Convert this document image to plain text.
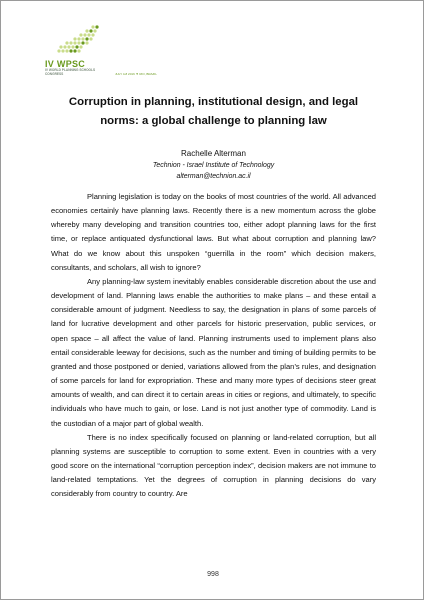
IV WPSC
IV WORLD PLANNING SCHOOLS CONGRESS	JULY 4-8 2016 ▼ RIO, BRAZIL
Corruption in planning, institutional design, and legal norms: a global challenge to planning law
Rachelle Alterman
Technion - Israel Institute of Technology
alterman@technion.ac.il

Planning legislation is today on the books of most countries of the world. All advanced economies certainly have planning laws. Recently there is a new momentum across the globe whereby many developing and transition countries too, either adopt planning laws for the first time, or replace antiquated dysfunctional laws. But what about corruption and planning law? What do we know about this unspoken “guerrilla in the room” which decision makers, consultants, and scholars, all wish to ignore?

Any planning-law system inevitably enables considerable discretion about the use and development of land. Planning laws enable the authorities to make plans – and these entail a considerable amount of judgment. Needless to say, the designation in plans of some parcels of land for lucrative development and other parcels for historic preservation, public services, or open space – all affect the value of land. Planning instruments used to implement plans also entail considerable leeway for decisions, such as the number and timing of building permits to be granted and those postponed or denied, variations allowed from the plan’s rules, and designation of some parcels for land for expropriation. These and many more types of decisions steer great amounts of wealth, and can direct it to certain areas in cities or regions, and ultimately, to specific individuals who have much to gain, or lose. Land is not just another type of commodity. Land is the custodian of a major part of global wealth.

There is no index specifically focused on planning or land-related corruption, but all planning systems are susceptible to corruption to some extent. Even in countries with a very good score on the international “corruption perception index”, decision makers are not immune to land-related temptations. Yet the degrees of corruption in planning decisions do vary considerably from country to country. Are

998
